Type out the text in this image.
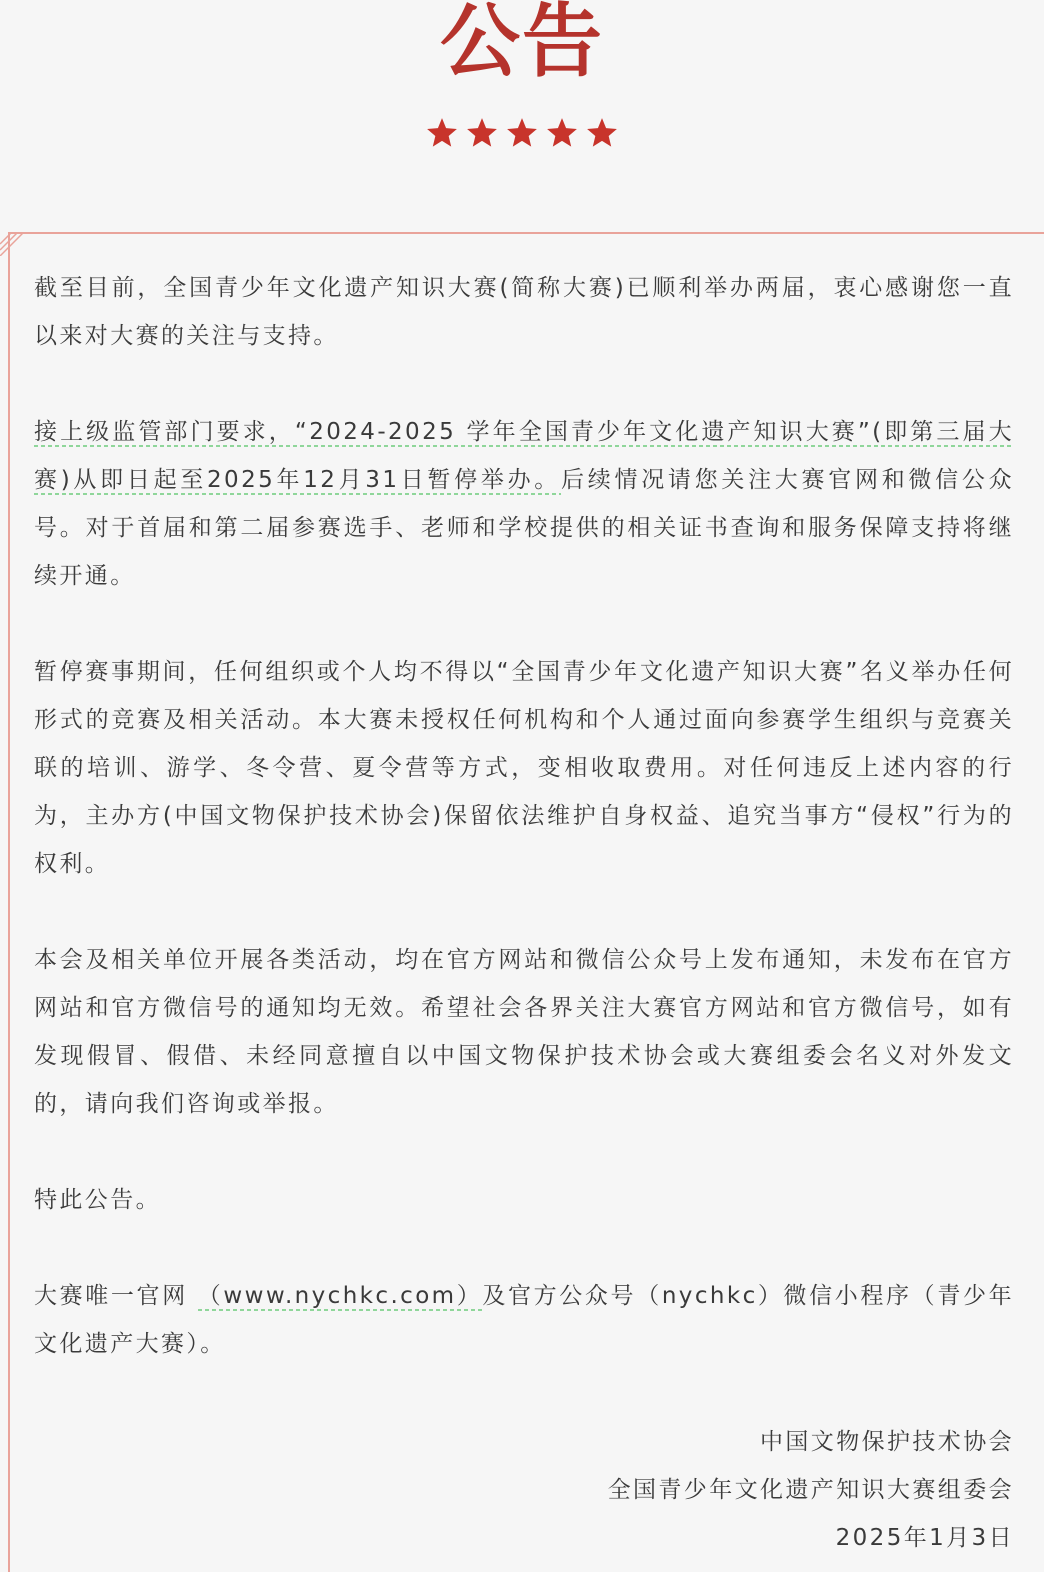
公告

截至目前，全国青少年文化遗产知识大赛(简称大赛)已顺利举办两届，衷心感谢您一直以来对大赛的关注与支持。

接上级监管部门要求，“2024-2025 学年全国青少年文化遗产知识大赛”(即第三届大赛)从即日起至2025年12月31日暂停举办。后续情况请您关注大赛官网和微信公众号。对于首届和第二届参赛选手、老师和学校提供的相关证书查询和服务保障支持将继续开通。

暂停赛事期间，任何组织或个人均不得以“全国青少年文化遗产知识大赛”名义举办任何形式的竞赛及相关活动。本大赛未授权任何机构和个人通过面向参赛学生组织与竞赛关联的培训、游学、冬令营、夏令营等方式，变相收取费用。对任何违反上述内容的行为，主办方(中国文物保护技术协会)保留依法维护自身权益、追究当事方“侵权”行为的权利。

本会及相关单位开展各类活动，均在官方网站和微信公众号上发布通知，未发布在官方网站和官方微信号的通知均无效。希望社会各界关注大赛官方网站和官方微信号，如有发现假冒、假借、未经同意擅自以中国文物保护技术协会或大赛组委会名义对外发文的，请向我们咨询或举报。

特此公告。

大赛唯一官网 （www.nychkc.com）及官方公众号（nychkc）微信小程序（青少年文化遗产大赛）。

中国文物保护技术协会
全国青少年文化遗产知识大赛组委会
2025年1月3日
